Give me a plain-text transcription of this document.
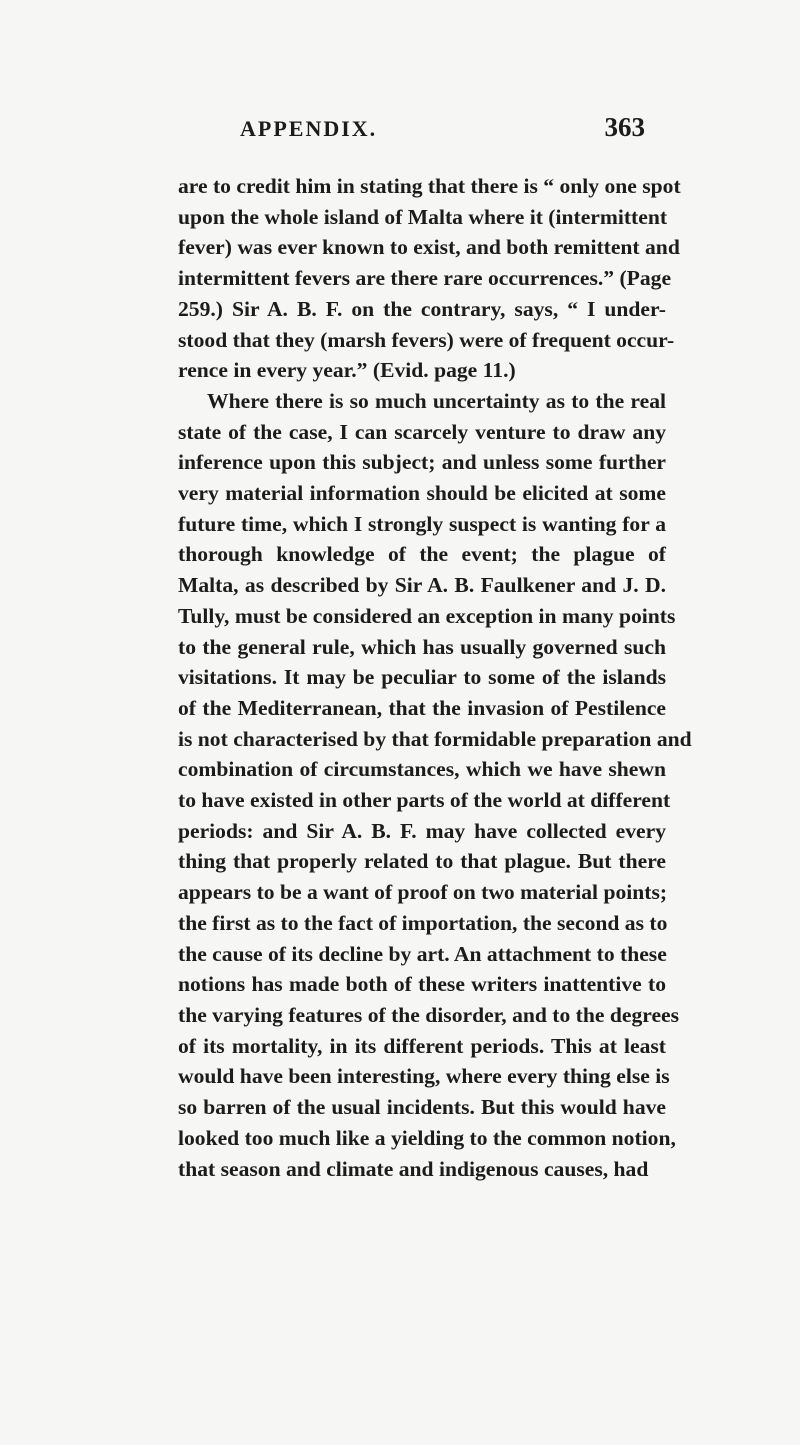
APPENDIX.	363
are to credit him in stating that there is “ only one spot
upon the whole island of Malta where it (intermittent
fever) was ever known to exist, and both remittent and
intermittent fevers are there rare occurrences.” (Page
259.) Sir A. B. F. on the contrary, says, “ I under-
stood that they (marsh fevers) were of frequent occur-
rence in every year.” (Evid. page 11.)
Where there is so much uncertainty as to the real
state of the case, I can scarcely venture to draw any
inference upon this subject; and unless some further
very material information should be elicited at some
future time, which I strongly suspect is wanting for a
thorough knowledge of the event; the plague of
Malta, as described by Sir A. B. Faulkener and J. D.
Tully, must be considered an exception in many points
to the general rule, which has usually governed such
visitations. It may be peculiar to some of the islands
of the Mediterranean, that the invasion of Pestilence
is not characterised by that formidable preparation and
combination of circumstances, which we have shewn
to have existed in other parts of the world at different
periods: and Sir A. B. F. may have collected every
thing that properly related to that plague. But there
appears to be a want of proof on two material points;
the first as to the fact of importation, the second as to
the cause of its decline by art. An attachment to these
notions has made both of these writers inattentive to
the varying features of the disorder, and to the degrees
of its mortality, in its different periods. This at least
would have been interesting, where every thing else is
so barren of the usual incidents. But this would have
looked too much like a yielding to the common notion,
that season and climate and indigenous causes, had
